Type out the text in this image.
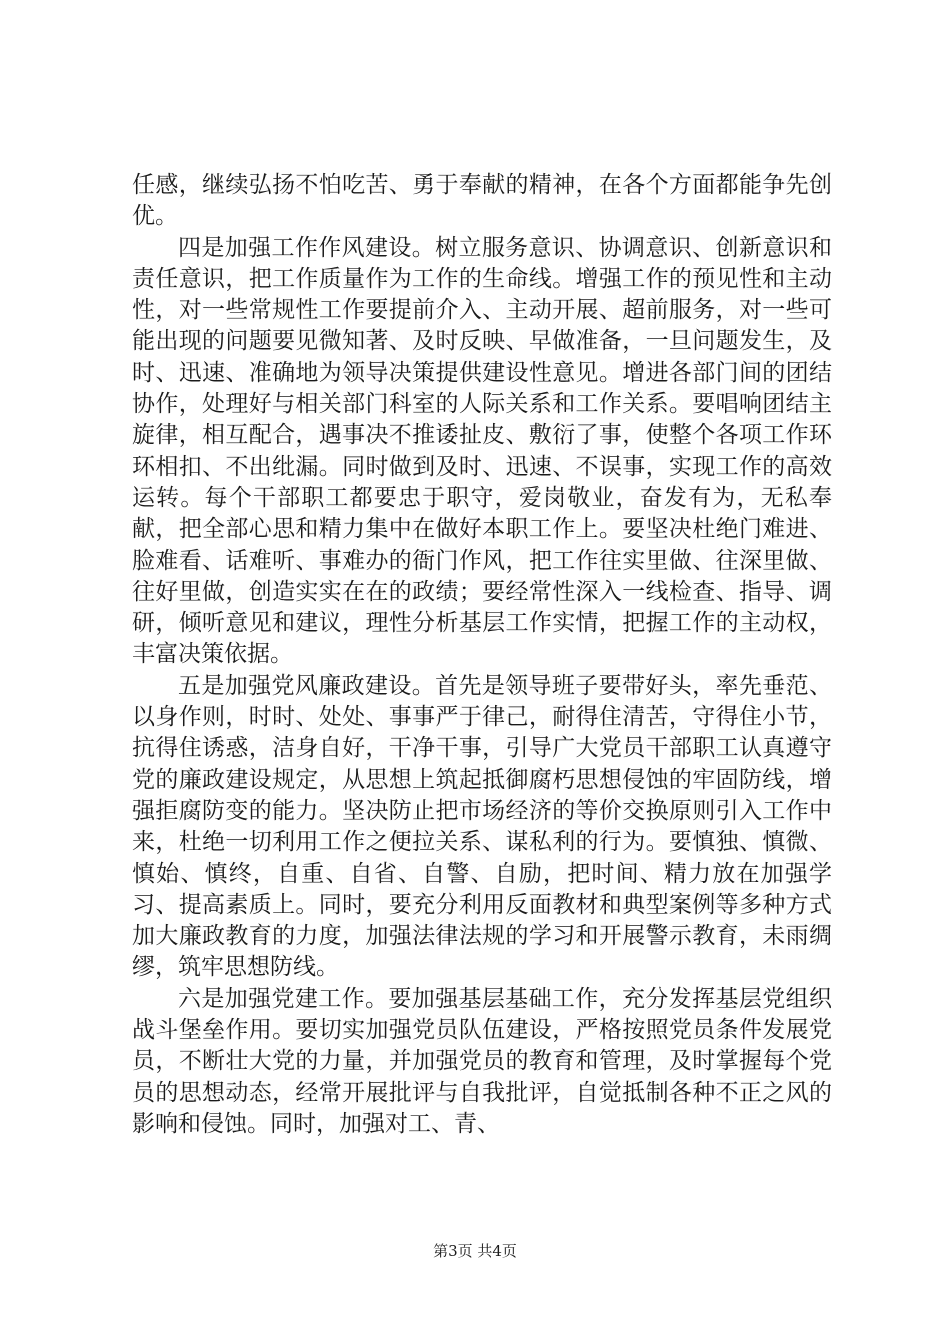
任感，继续弘扬不怕吃苦、勇于奉献的精神，在各个方面都能争先创优。

四是加强工作作风建设。树立服务意识、协调意识、创新意识和责任意识，把工作质量作为工作的生命线。增强工作的预见性和主动性，对一些常规性工作要提前介入、主动开展、超前服务，对一些可能出现的问题要见微知著、及时反映、早做准备，一旦问题发生，及时、迅速、准确地为领导决策提供建设性意见。增进各部门间的团结协作，处理好与相关部门科室的人际关系和工作关系。要唱响团结主旋律，相互配合，遇事决不推诿扯皮、敷衍了事，使整个各项工作环环相扣、不出纰漏。同时做到及时、迅速、不误事，实现工作的高效运转。每个干部职工都要忠于职守，爱岗敬业，奋发有为，无私奉献，把全部心思和精力集中在做好本职工作上。要坚决杜绝门难进、脸难看、话难听、事难办的衙门作风，把工作往实里做、往深里做、往好里做，创造实实在在的政绩；要经常性深入一线检查、指导、调研，倾听意见和建议，理性分析基层工作实情，把握工作的主动权，丰富决策依据。

五是加强党风廉政建设。首先是领导班子要带好头，率先垂范、以身作则，时时、处处、事事严于律己，耐得住清苦，守得住小节，抗得住诱惑，洁身自好，干净干事，引导广大党员干部职工认真遵守党的廉政建设规定，从思想上筑起抵御腐朽思想侵蚀的牢固防线，增强拒腐防变的能力。坚决防止把市场经济的等价交换原则引入工作中来，杜绝一切利用工作之便拉关系、谋私利的行为。要慎独、慎微、慎始、慎终，自重、自省、自警、自励，把时间、精力放在加强学习、提高素质上。同时，要充分利用反面教材和典型案例等多种方式加大廉政教育的力度，加强法律法规的学习和开展警示教育，未雨绸缪，筑牢思想防线。

六是加强党建工作。要加强基层基础工作，充分发挥基层党组织战斗堡垒作用。要切实加强党员队伍建设，严格按照党员条件发展党员，不断壮大党的力量，并加强党员的教育和管理，及时掌握每个党员的思想动态，经常开展批评与自我批评，自觉抵制各种不正之风的影响和侵蚀。同时，加强对工、青、

第3页 共4页
